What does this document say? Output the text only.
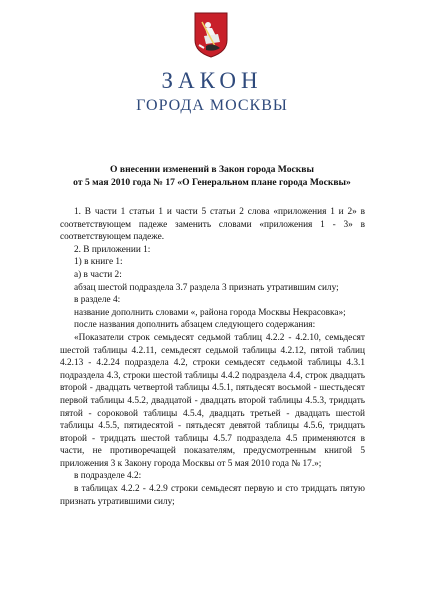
ЗАКОН
ГОРОДА МОСКВЫ
О внесении изменений в Закон города Москвы
от 5 мая 2010 года № 17 «О Генеральном плане города Москвы»

1. В части 1 статьи 1 и части 5 статьи 2 слова «приложения 1 и 2» в соответствующем падеже заменить словами «приложения 1 - 3» в соответствующем падеже.

2. В приложении 1:

1) в книге 1:

а) в части 2:

абзац шестой подраздела 3.7 раздела 3 признать утратившим силу;

в разделе 4:

название дополнить словами «, района города Москвы Некрасовка»;

после названия дополнить абзацем следующего содержания:

«Показатели строк семьдесят седьмой таблиц 4.2.2 - 4.2.10, семьдесят шестой таблицы 4.2.11, семьдесят седьмой таблицы 4.2.12, пятой таблиц 4.2.13 - 4.2.24 подраздела 4.2, строки семьдесят седьмой таблицы 4.3.1 подраздела 4.3, строки шестой таблицы 4.4.2 подраздела 4.4, строк двадцать второй - двадцать четвертой таблицы 4.5.1, пятьдесят восьмой - шестьдесят первой таблицы 4.5.2, двадцатой - двадцать второй таблицы 4.5.3, тридцать пятой - сороковой таблицы 4.5.4, двадцать третьей - двадцать шестой таблицы 4.5.5, пятидесятой - пятьдесят девятой таблицы 4.5.6, тридцать второй - тридцать шестой таблицы 4.5.7 подраздела 4.5 применяются в части, не противоречащей показателям, предусмотренным книгой 5 приложения 3 к Закону города Москвы от 5 мая 2010 года № 17.»;

в подразделе 4.2:

в таблицах 4.2.2 - 4.2.9 строки семьдесят первую и сто тридцать пятую признать утратившими силу;
